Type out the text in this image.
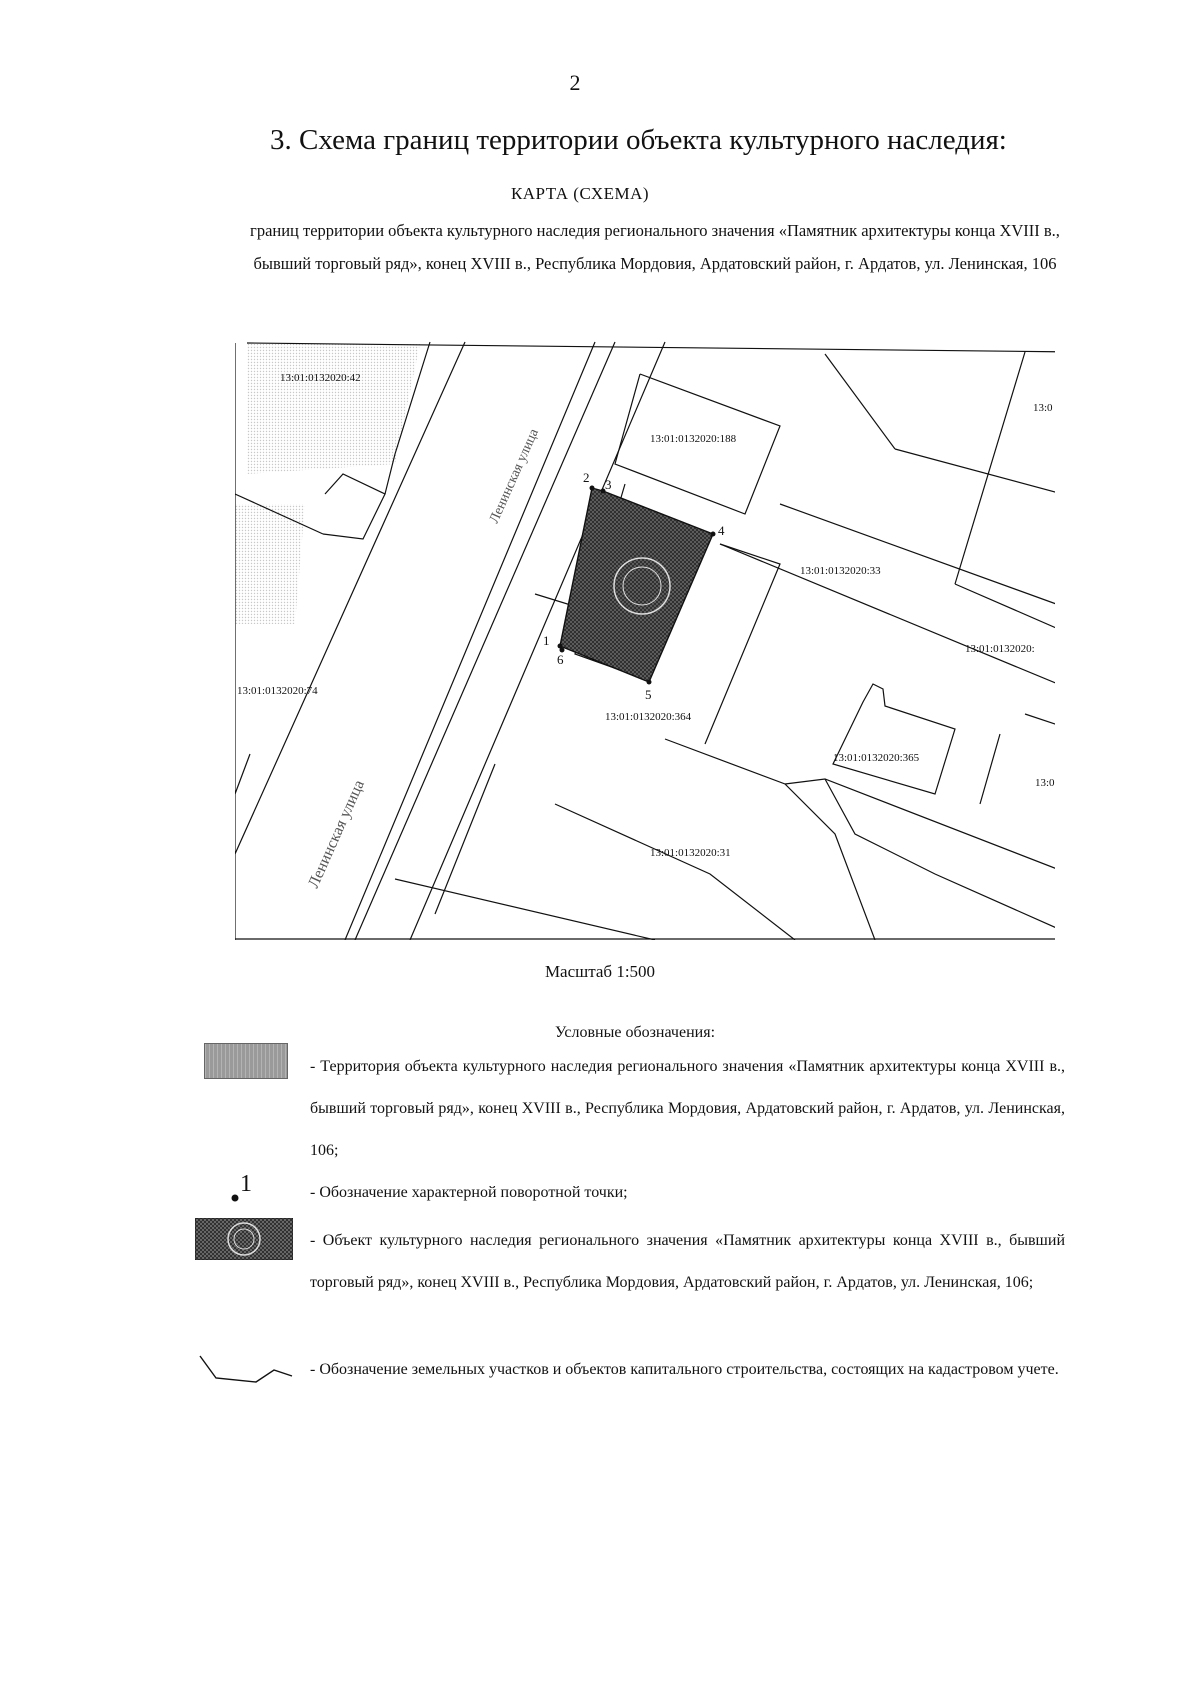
2
3. Схема границ территории объекта культурного наследия:
КАРТА (СХЕМА)
границ территории объекта культурного наследия регионального значения «Памятник архитектуры конца XVIII в., бывший торговый ряд», конец XVIII в., Республика Мордовия, Ардатовский район, г. Ардатов, ул. Ленинская, 106
13:01:0132020:42
13:01:0132020:188
13:01:0132020:33
13:01:0132020:74
13:01:0132020:364
13:01:0132020:365
13:01:0132020:31
13:0
13:01:0132020:
13:0
Ленинская улица
Ленинская улица
1
2 3
4
5
6
Масштаб 1:500
Условные обозначения:
- Территория объекта культурного наследия регионального значения «Памятник архитектуры конца XVIII в., бывший торговый ряд», конец XVIII в., Республика Мордовия, Ардатовский район, г. Ардатов, ул. Ленинская, 106;
1	- Обозначение характерной поворотной точки;
- Объект культурного наследия регионального значения «Памятник архитектуры конца XVIII в., бывший торговый ряд», конец XVIII в., Республика Мордовия, Ардатовский район, г. Ардатов, ул. Ленинская, 106;
- Обозначение земельных участков и объектов капитального строительства, состоящих на кадастровом учете.
